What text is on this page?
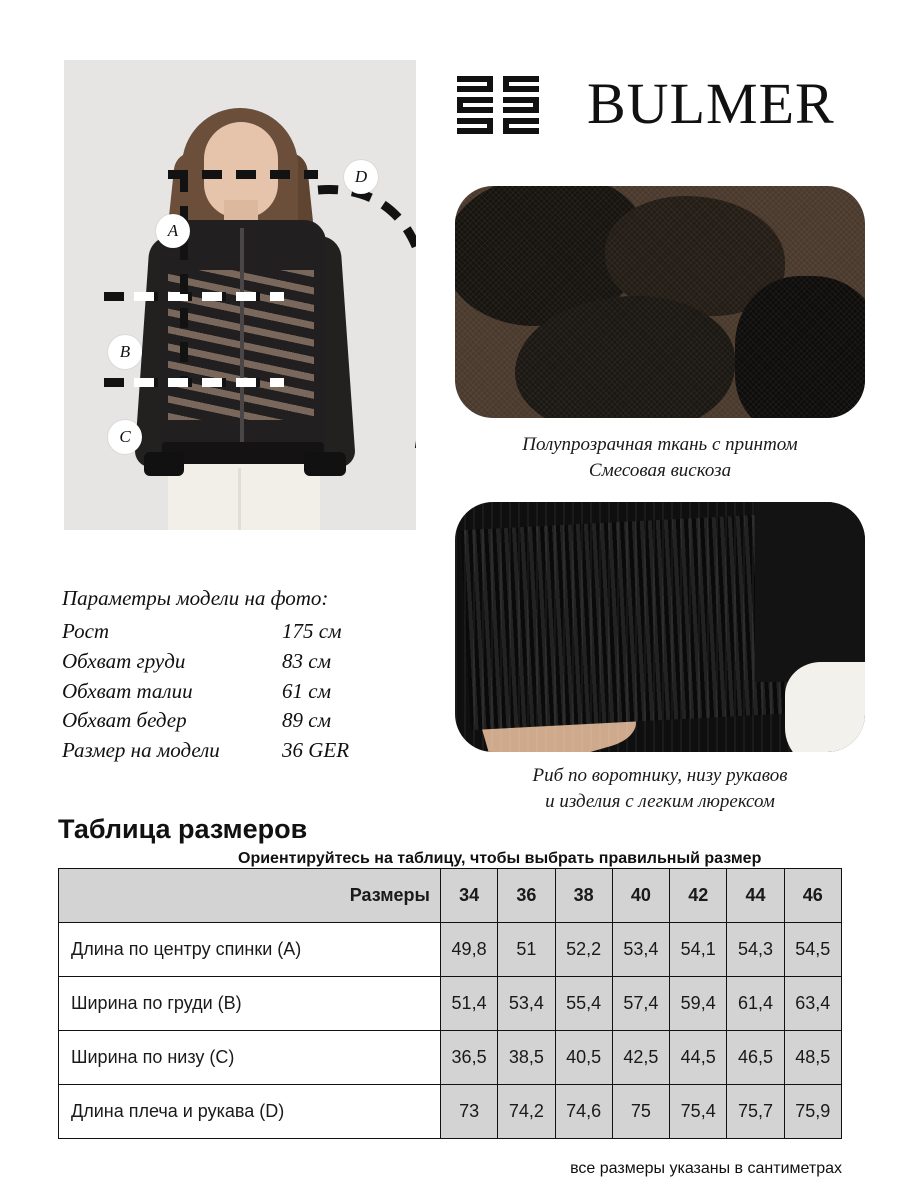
A
B
C
D
BULMER
Полупрозрачная ткань с принтом
Смесовая вискоза
Риб по воротнику, низу рукавов
и изделия с легким люрексом
Параметры модели на фото:
Рост	175 см
Обхват груди	83 см
Обхват талии	61 см
Обхват бедер	89 см
Размер на модели	36 GER
Таблица размеров
Ориентируйтесь на таблицу, чтобы выбрать правильный размер
Размеры	34	36	38	40	42	44	46
Длина по центру спинки (A)	49,8	51	52,2	53,4	54,1	54,3	54,5
Ширина по груди (B)	51,4	53,4	55,4	57,4	59,4	61,4	63,4
Ширина по низу (C)	36,5	38,5	40,5	42,5	44,5	46,5	48,5
Длина плеча и рукава (D)	73	74,2	74,6	75	75,4	75,7	75,9
все размеры указаны в сантиметрах
